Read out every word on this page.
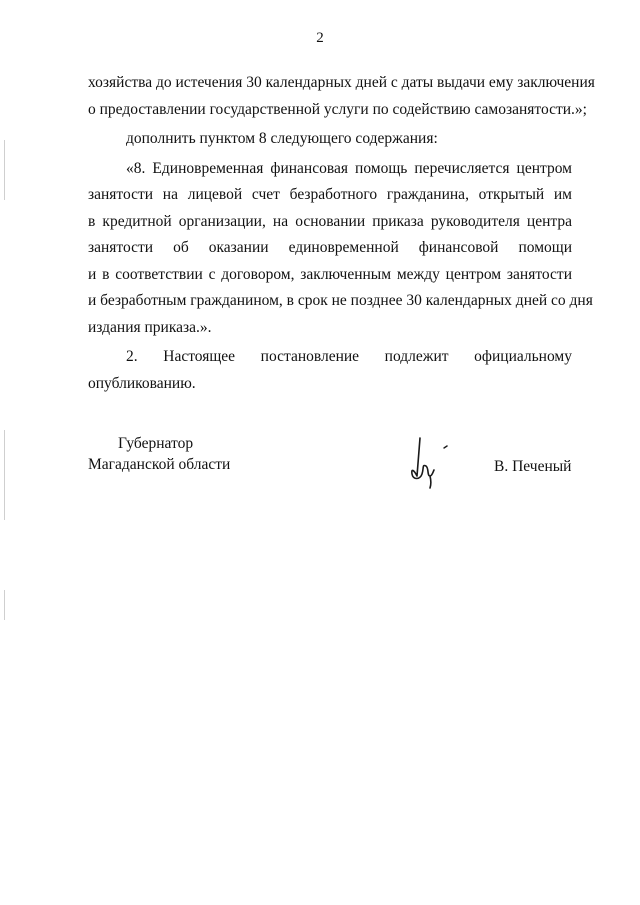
2

хозяйства до истечения 30 календарных дней с даты выдачи ему заключения
о предоставлении государственной услуги по содействию самозанятости.»;

дополнить пунктом 8 следующего содержания:

«8. Единовременная финансовая помощь перечисляется центром
занятости на лицевой счет безработного гражданина, открытый им
в кредитной организации, на основании приказа руководителя центра
занятости об оказании единовременной финансовой помощи
и в соответствии с договором, заключенным между центром занятости
и безработным гражданином, в срок не позднее 30 календарных дней со дня
издания приказа.».

2. Настоящее постановление подлежит официальному
опубликованию.

Губернатор
Магаданской области	В. Печеный
